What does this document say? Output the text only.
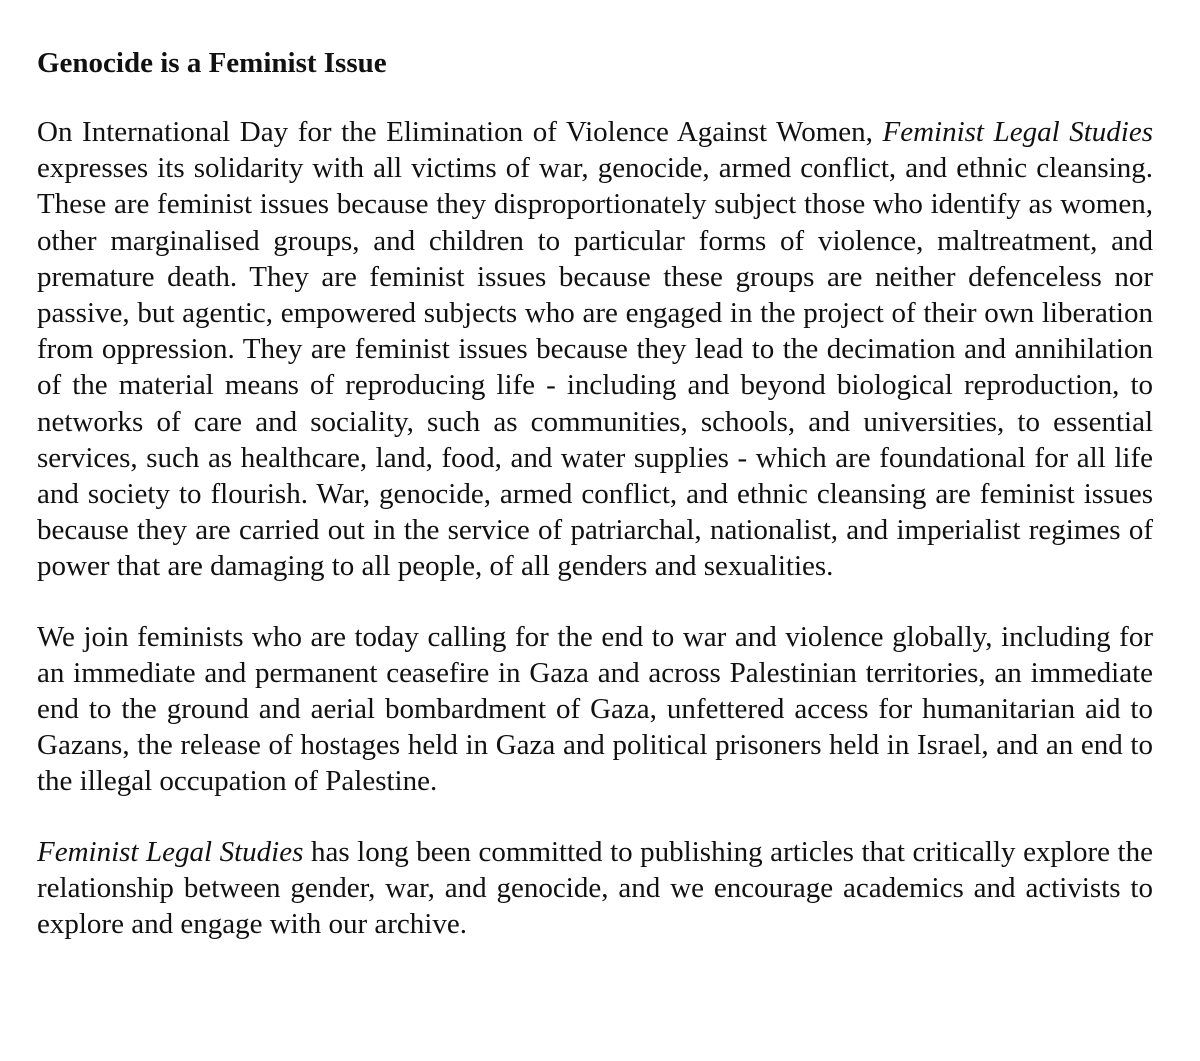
Genocide is a Feminist Issue

On International Day for the Elimination of Violence Against Women, Feminist Legal Studies expresses its solidarity with all victims of war, genocide, armed conflict, and ethnic cleansing. These are feminist issues because they disproportionately subject those who identify as women, other marginalised groups, and children to particular forms of violence, maltreatment, and premature death. They are feminist issues because these groups are neither defenceless nor passive, but agentic, empowered subjects who are engaged in the project of their own liberation from oppression. They are feminist issues because they lead to the decimation and annihilation of the material means of reproducing life - including and beyond biological reproduction, to networks of care and sociality, such as communities, schools, and universities, to essential services, such as healthcare, land, food, and water supplies - which are foundational for all life and society to flourish. War, genocide, armed conflict, and ethnic cleansing are feminist issues because they are carried out in the service of patriarchal, nationalist, and imperialist regimes of power that are damaging to all people, of all genders and sexualities.

We join feminists who are today calling for the end to war and violence globally, including for an immediate and permanent ceasefire in Gaza and across Palestinian territories, an immediate end to the ground and aerial bombardment of Gaza, unfettered access for humanitarian aid to Gazans, the release of hostages held in Gaza and political prisoners held in Israel, and an end to the illegal occupation of Palestine.

Feminist Legal Studies has long been committed to publishing articles that critically explore the relationship between gender, war, and genocide, and we encourage academics and activists to explore and engage with our archive.
